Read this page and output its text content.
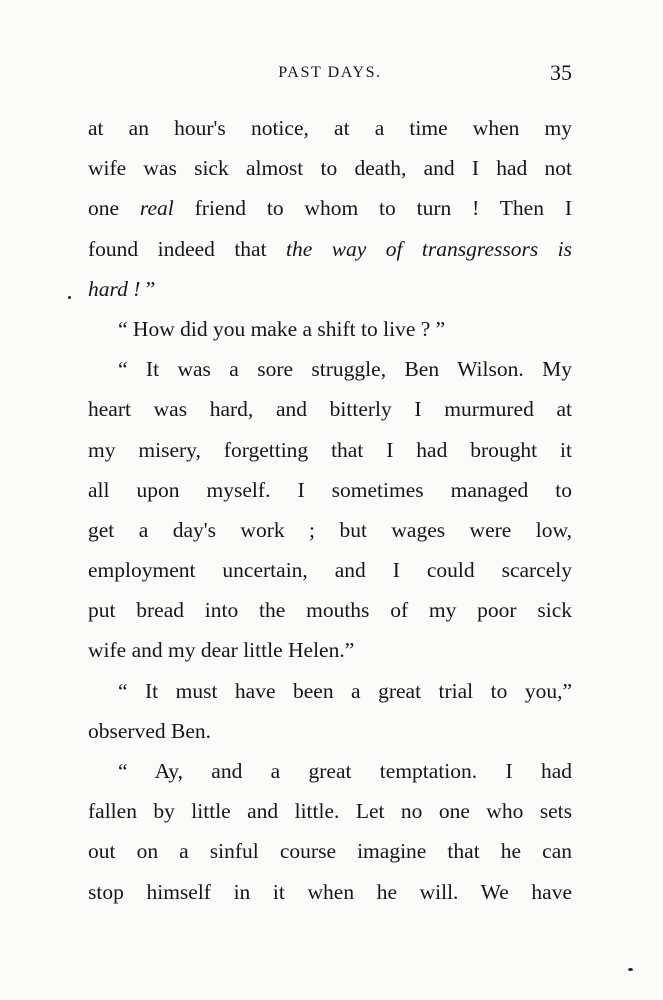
PAST DAYS.	35
at an hour's notice, at a time when my
wife was sick almost to death, and I had not
one real friend to whom to turn ! Then I
found indeed that the way of transgressors is
hard ! ”
“ How did you make a shift to live ? ”
“ It was a sore struggle, Ben Wilson. My
heart was hard, and bitterly I murmured at
my misery, forgetting that I had brought it
all upon myself. I sometimes managed to
get a day's work ; but wages were low,
employment uncertain, and I could scarcely
put bread into the mouths of my poor sick
wife and my dear little Helen.”
“ It must have been a great trial to you,”
observed Ben.
“ Ay, and a great temptation. I had
fallen by little and little. Let no one who sets
out on a sinful course imagine that he can
stop himself in it when he will. We have
